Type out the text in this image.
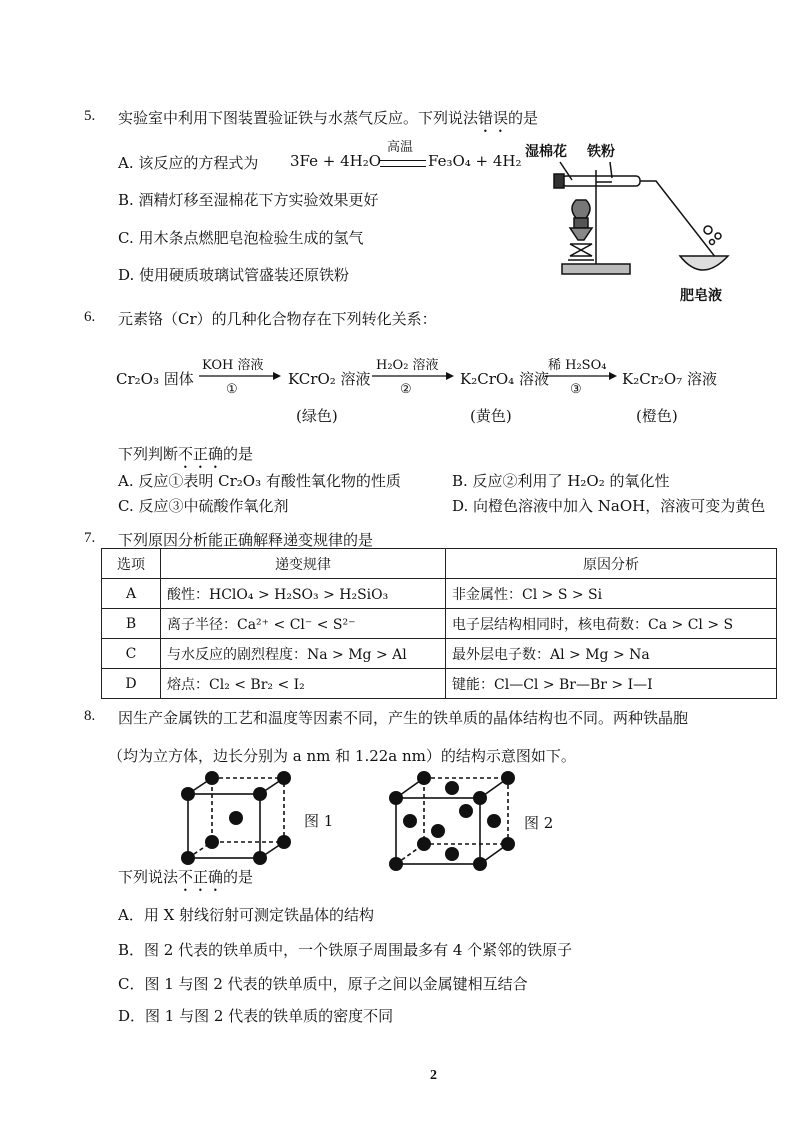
5. 实验室中利用下图装置验证铁与水蒸气反应。下列说法错误的是
A. 该反应的方程式为 3Fe + 4H₂O
高温
Fe₃O₄ + 4H₂
B. 酒精灯移至湿棉花下方实验效果更好
C. 用木条点燃肥皂泡检验生成的氢气
D. 使用硬质玻璃试管盛装还原铁粉
湿棉花 铁粉
肥皂液
6. 元素铬（Cr）的几种化合物存在下列转化关系：
Cr₂O₃ 固体
KOH 溶液
①
KCrO₂ 溶液
H₂O₂ 溶液
②
K₂CrO₄ 溶液
稀 H₂SO₄
③
K₂Cr₂O₇ 溶液
(绿色)	(黄色)	(橙色)
下列判断不正确的是
A. 反应①表明 Cr₂O₃ 有酸性氧化物的性质	B. 反应②利用了 H₂O₂ 的氧化性
C. 反应③中硫酸作氧化剂	D. 向橙色溶液中加入 NaOH，溶液可变为黄色
7. 下列原因分析能正确解释递变规律的是
选项	递变规律	原因分析
A	酸性：HClO₄ > H₂SO₃ > H₂SiO₃	非金属性：Cl > S > Si
B	离子半径：Ca²⁺ < Cl⁻ < S²⁻	电子层结构相同时，核电荷数：Ca > Cl > S
C	与水反应的剧烈程度：Na > Mg > Al	最外层电子数：Al > Mg > Na
D	熔点：Cl₂ < Br₂ < I₂	键能：Cl—Cl > Br—Br > I—I
8. 因生产金属铁的工艺和温度等因素不同，产生的铁单质的晶体结构也不同。两种铁晶胞
（均为立方体，边长分别为 a nm 和 1.22a nm）的结构示意图如下。
图 1	图 2
下列说法不正确的是
A．用 X 射线衍射可测定铁晶体的结构
B．图 2 代表的铁单质中，一个铁原子周围最多有 4 个紧邻的铁原子
C．图 1 与图 2 代表的铁单质中，原子之间以金属键相互结合
D．图 1 与图 2 代表的铁单质的密度不同
2
